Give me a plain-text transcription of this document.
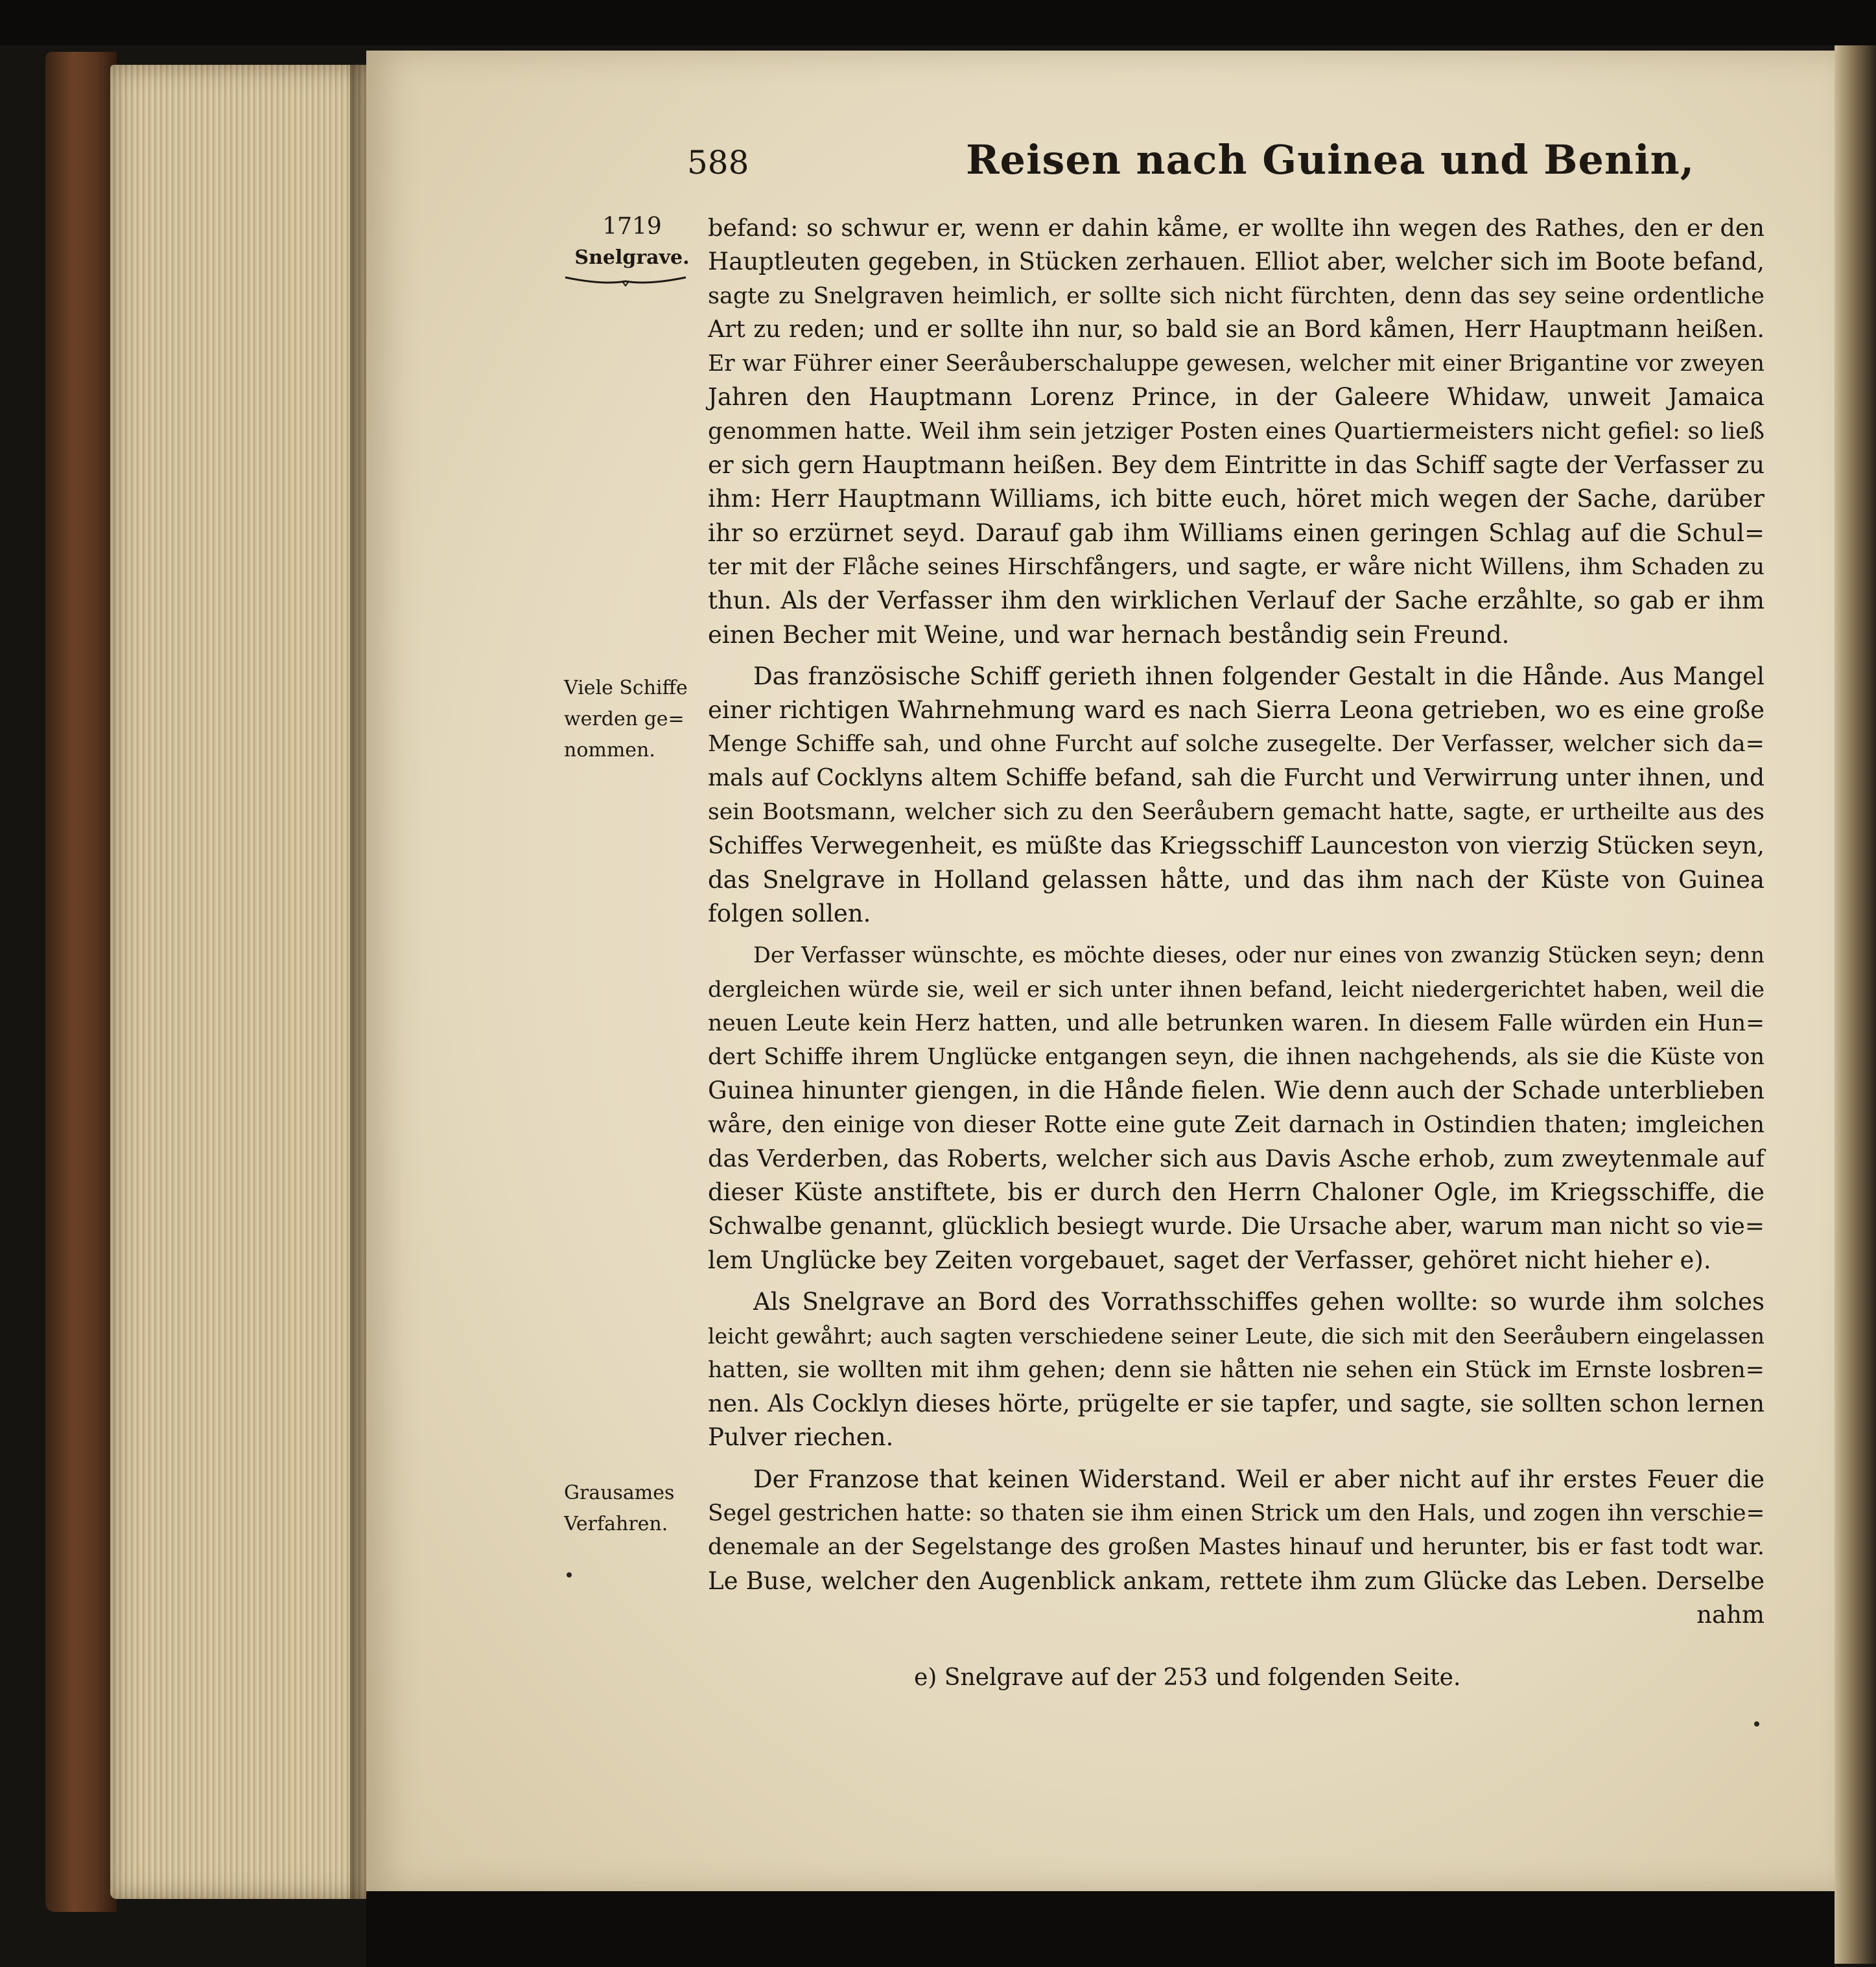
588	Reisen nach Guinea und Benin,
1719
Snelgrave.
Viele Schiffe
werden ge=
nommen.
Grausames
Verfahren.
befand: so schwur er, wenn er dahin kåme, er wollte ihn wegen des Rathes, den er den
Hauptleuten gegeben, in Stücken zerhauen. Elliot aber, welcher sich im Boote befand,
sagte zu Snelgraven heimlich, er sollte sich nicht fürchten, denn das sey seine ordentliche
Art zu reden; und er sollte ihn nur, so bald sie an Bord kåmen, Herr Hauptmann heißen.
Er war Führer einer Seeråuberschaluppe gewesen, welcher mit einer Brigantine vor zweyen
Jahren den Hauptmann Lorenz Prince, in der Galeere Whidaw, unweit Jamaica
genommen hatte. Weil ihm sein jetziger Posten eines Quartiermeisters nicht gefiel: so ließ
er sich gern Hauptmann heißen. Bey dem Eintritte in das Schiff sagte der Verfasser zu
ihm: Herr Hauptmann Williams, ich bitte euch, höret mich wegen der Sache, darüber
ihr so erzürnet seyd. Darauf gab ihm Williams einen geringen Schlag auf die Schul=
ter mit der Flåche seines Hirschfångers, und sagte, er wåre nicht Willens, ihm Schaden zu
thun. Als der Verfasser ihm den wirklichen Verlauf der Sache erzåhlte, so gab er ihm
einen Becher mit Weine, und war hernach beståndig sein Freund.
Das französische Schiff gerieth ihnen folgender Gestalt in die Hånde. Aus Mangel
einer richtigen Wahrnehmung ward es nach Sierra Leona getrieben, wo es eine große
Menge Schiffe sah, und ohne Furcht auf solche zusegelte. Der Verfasser, welcher sich da=
mals auf Cocklyns altem Schiffe befand, sah die Furcht und Verwirrung unter ihnen, und
sein Bootsmann, welcher sich zu den Seeråubern gemacht hatte, sagte, er urtheilte aus des
Schiffes Verwegenheit, es müßte das Kriegsschiff Launceston von vierzig Stücken seyn,
das Snelgrave in Holland gelassen håtte, und das ihm nach der Küste von Guinea
folgen sollen.
Der Verfasser wünschte, es möchte dieses, oder nur eines von zwanzig Stücken seyn; denn
dergleichen würde sie, weil er sich unter ihnen befand, leicht niedergerichtet haben, weil die
neuen Leute kein Herz hatten, und alle betrunken waren. In diesem Falle würden ein Hun=
dert Schiffe ihrem Unglücke entgangen seyn, die ihnen nachgehends, als sie die Küste von
Guinea hinunter giengen, in die Hånde fielen. Wie denn auch der Schade unterblieben
wåre, den einige von dieser Rotte eine gute Zeit darnach in Ostindien thaten; imgleichen
das Verderben, das Roberts, welcher sich aus Davis Asche erhob, zum zweytenmale auf
dieser Küste anstiftete, bis er durch den Herrn Chaloner Ogle, im Kriegsschiffe, die
Schwalbe genannt, glücklich besiegt wurde. Die Ursache aber, warum man nicht so vie=
lem Unglücke bey Zeiten vorgebauet, saget der Verfasser, gehöret nicht hieher e).
Als Snelgrave an Bord des Vorrathsschiffes gehen wollte: so wurde ihm solches
leicht gewåhrt; auch sagten verschiedene seiner Leute, die sich mit den Seeråubern eingelassen
hatten, sie wollten mit ihm gehen; denn sie håtten nie sehen ein Stück im Ernste losbren=
nen. Als Cocklyn dieses hörte, prügelte er sie tapfer, und sagte, sie sollten schon lernen
Pulver riechen.
Der Franzose that keinen Widerstand. Weil er aber nicht auf ihr erstes Feuer die
Segel gestrichen hatte: so thaten sie ihm einen Strick um den Hals, und zogen ihn verschie=
denemale an der Segelstange des großen Mastes hinauf und herunter, bis er fast todt war.
Le Buse, welcher den Augenblick ankam, rettete ihm zum Glücke das Leben. Derselbe
nahm
e) Snelgrave auf der 253 und folgenden Seite.
